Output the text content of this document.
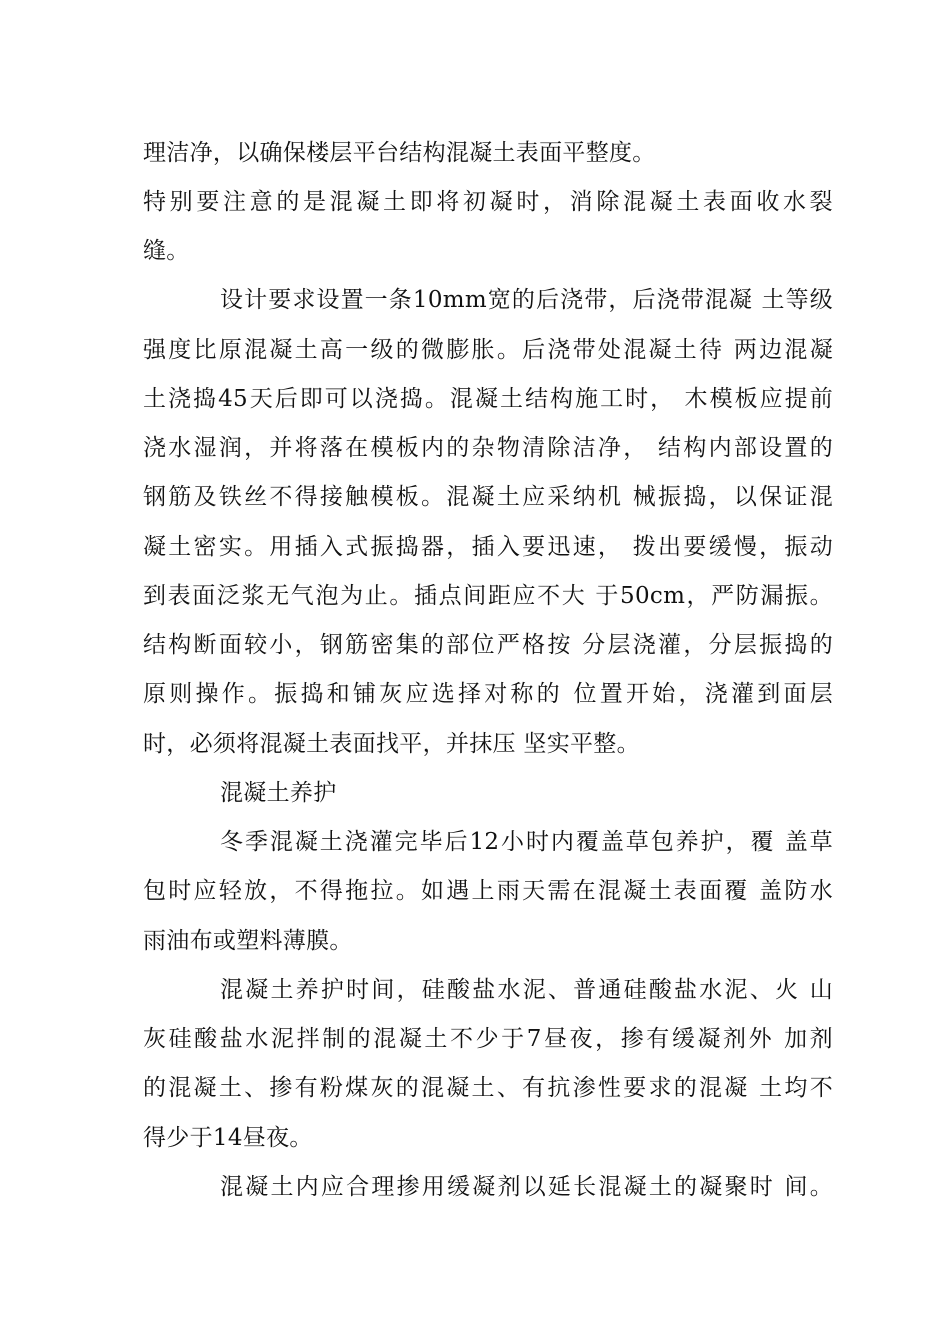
理洁净，以确保楼层平台结构混凝土表面平整度。
特别要注意的是混凝土即将初凝时，消除混凝土表面收水裂
缝。
设计要求设置一条10mm宽的后浇带，后浇带混凝 土等级
强度比原混凝土高一级的微膨胀。后浇带处混凝土待 两边混凝
土浇捣45天后即可以浇捣。混凝土结构施工时， 木模板应提前
浇水湿润，并将落在模板内的杂物清除洁净， 结构内部设置的
钢筋及铁丝不得接触模板。混凝土应采纳机 械振捣，以保证混
凝土密实。用插入式振捣器，插入要迅速， 拨出要缓慢，振动
到表面泛浆无气泡为止。插点间距应不大 于50cm，严防漏振。
结构断面较小，钢筋密集的部位严格按 分层浇灌，分层振捣的
原则操作。振捣和铺灰应选择对称的 位置开始，浇灌到面层
时，必须将混凝土表面找平，并抹压 坚实平整。
混凝土养护
冬季混凝土浇灌完毕后12小时内覆盖草包养护，覆 盖草
包时应轻放，不得拖拉。如遇上雨天需在混凝土表面覆 盖防水
雨油布或塑料薄膜。
混凝土养护时间，硅酸盐水泥、普通硅酸盐水泥、火 山
灰硅酸盐水泥拌制的混凝土不少于7昼夜，掺有缓凝剂外 加剂
的混凝土、掺有粉煤灰的混凝土、有抗渗性要求的混凝 土均不
得少于14昼夜。
混凝土内应合理掺用缓凝剂以延长混凝土的凝聚时 间。
